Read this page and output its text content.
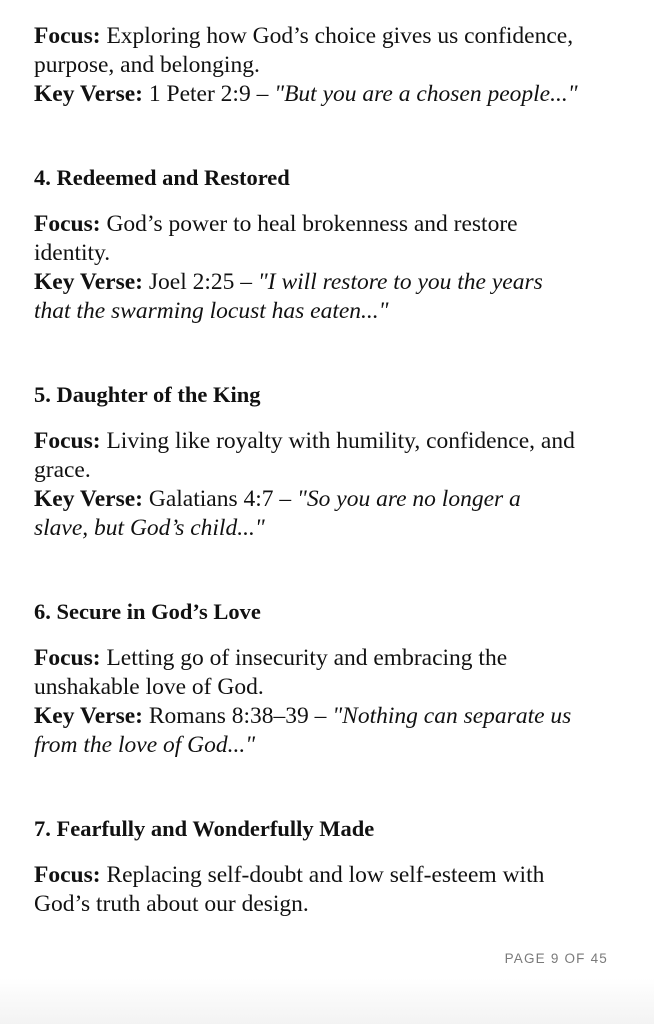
Focus: Exploring how God’s choice gives us confidence,
purpose, and belonging.
Key Verse: 1 Peter 2:9 – "But you are a chosen people..."

4. Redeemed and Restored

Focus: God’s power to heal brokenness and restore
identity.
Key Verse: Joel 2:25 – "I will restore to you the years
that the swarming locust has eaten..."

5. Daughter of the King

Focus: Living like royalty with humility, confidence, and
grace.
Key Verse: Galatians 4:7 – "So you are no longer a
slave, but God’s child..."

6. Secure in God’s Love

Focus: Letting go of insecurity and embracing the
unshakable love of God.
Key Verse: Romans 8:38–39 – "Nothing can separate us
from the love of God..."

7. Fearfully and Wonderfully Made

Focus: Replacing self-doubt and low self-esteem with
God’s truth about our design.

PAGE 9 OF 45
